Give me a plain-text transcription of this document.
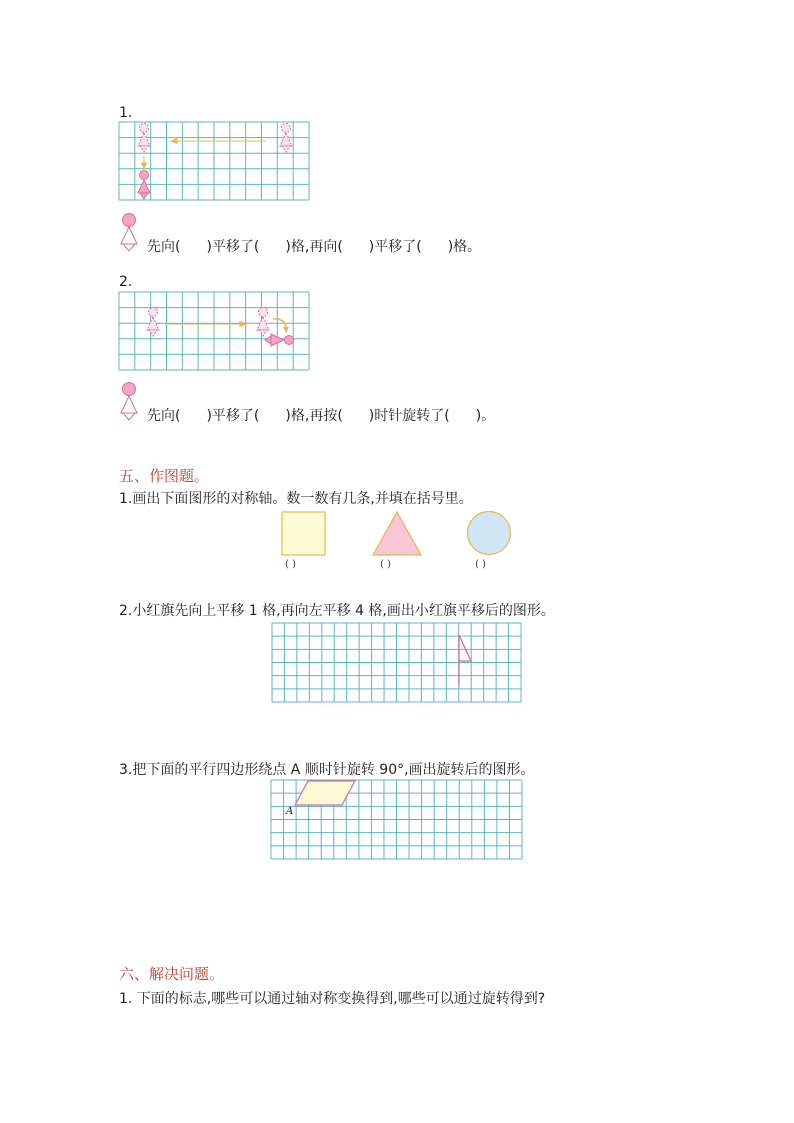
1.
先向( )平移了( )格,再向( )平移了( )格。
2.
先向( )平移了( )格,再按( )时针旋转了( )。
五、作图题。
1.画出下面图形的对称轴。数一数有几条,并填在括号里。
( )	( )	( )
2.小红旗先向上平移 1 格,再向左平移 4 格,画出小红旗平移后的图形。
3.把下面的平行四边形绕点 A 顺时针旋转 90°,画出旋转后的图形。
A
六、解决问题。
1. 下面的标志,哪些可以通过轴对称变换得到,哪些可以通过旋转得到?
